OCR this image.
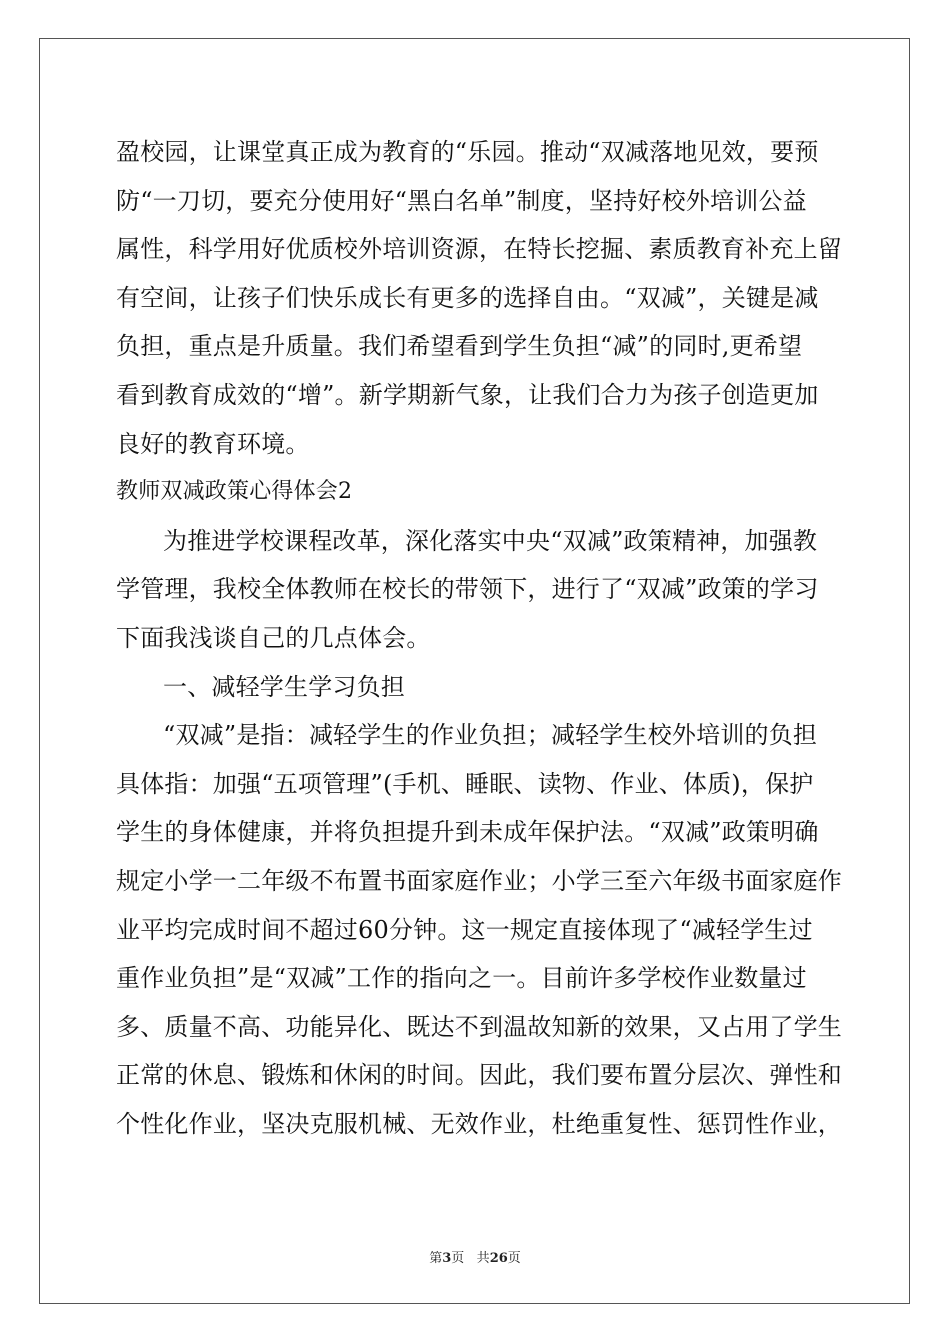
盈校园，让课堂真正成为教育的“乐园。推动“双减落地见效，要预
防“一刀切，要充分使用好“黑白名单”制度，坚持好校外培训公益
属性，科学用好优质校外培训资源，在特长挖掘、素质教育补充上留
有空间，让孩子们快乐成长有更多的选择自由。“双减”，关键是减
负担，重点是升质量。我们希望看到学生负担“减”的同时,更希望
看到教育成效的“增”。新学期新气象，让我们合力为孩子创造更加
良好的教育环境。
教师双减政策心得体会2
为推进学校课程改革，深化落实中央“双减”政策精神，加强教
学管理，我校全体教师在校长的带领下，进行了“双减”政策的学习
下面我浅谈自己的几点体会。
一、减轻学生学习负担
“双减”是指：减轻学生的作业负担；减轻学生校外培训的负担
具体指：加强“五项管理”(手机、睡眠、读物、作业、体质)，保护
学生的身体健康，并将负担提升到未成年保护法。“双减”政策明确
规定小学一二年级不布置书面家庭作业；小学三至六年级书面家庭作
业平均完成时间不超过60分钟。这一规定直接体现了“减轻学生过
重作业负担”是“双减”工作的指向之一。目前许多学校作业数量过
多、质量不高、功能异化、既达不到温故知新的效果，又占用了学生
正常的休息、锻炼和休闲的时间。因此，我们要布置分层次、弹性和
个性化作业，坚决克服机械、无效作业，杜绝重复性、惩罚性作业，
第3页 共26页
